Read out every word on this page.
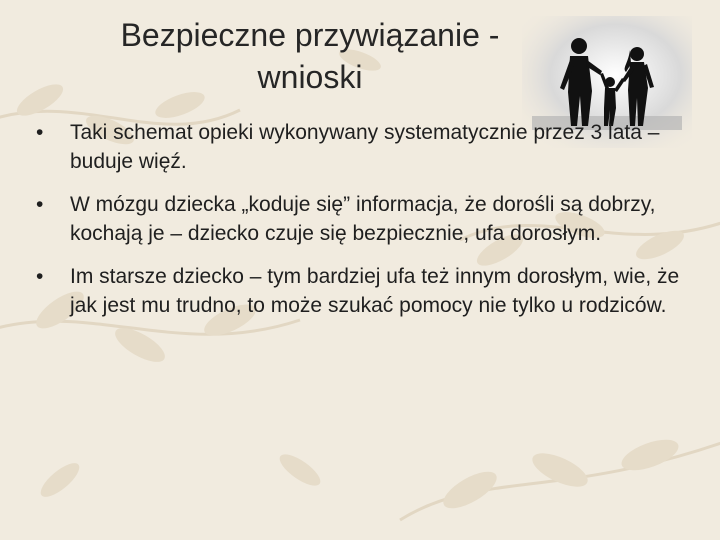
Bezpieczne przywiązanie -
wnioski
• Taki schemat opieki wykonywany systematycznie przez 3 lata – buduje więź.
• W mózgu dziecka „koduje się” informacja, że dorośli są dobrzy, kochają je – dziecko czuje się bezpiecznie, ufa dorosłym.
• Im starsze dziecko – tym bardziej ufa też innym dorosłym, wie, że jak jest mu trudno, to może szukać pomocy nie tylko u rodziców.
